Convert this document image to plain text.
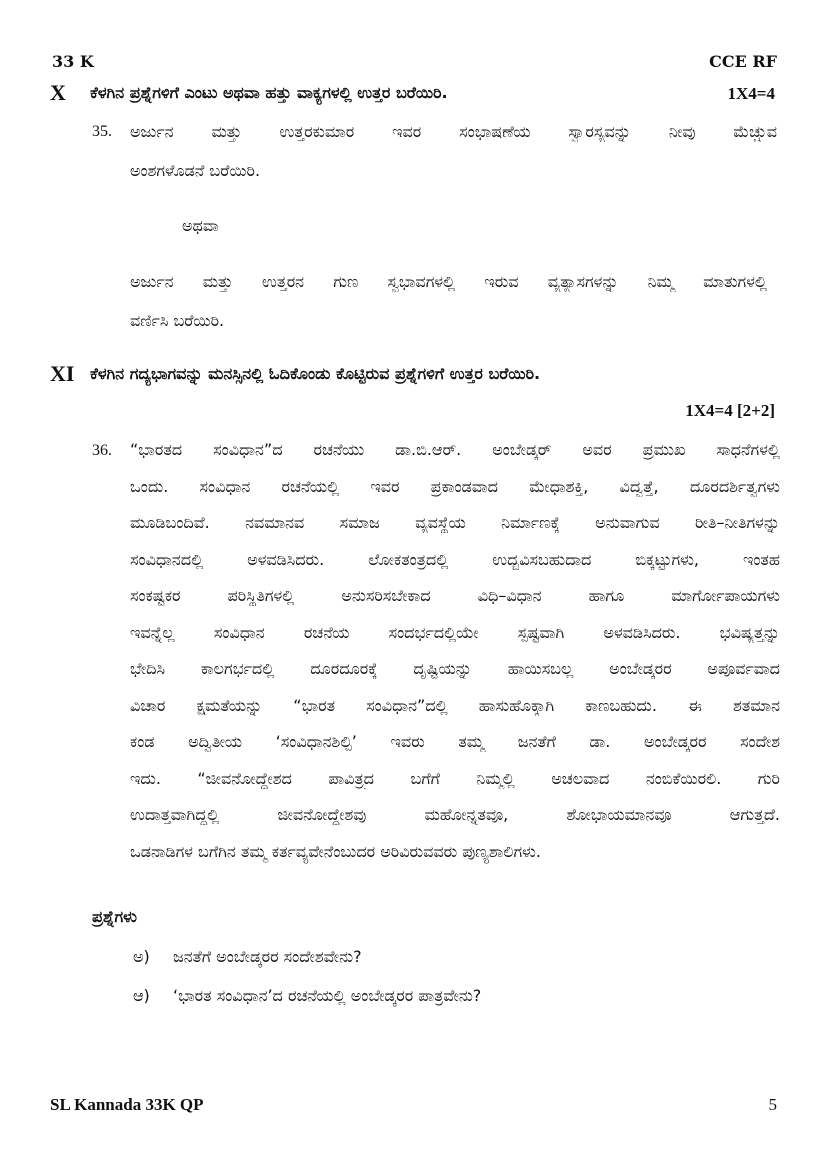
33 K	CCE RF
X ಕೆಳಗಿನ ಪ್ರಶ್ನೆಗಳಿಗೆ ಎಂಟು ಅಥವಾ ಹತ್ತು ವಾಕ್ಯಗಳಲ್ಲಿ ಉತ್ತರ ಬರೆಯಿರಿ.	1X4=4
35. ಅರ್ಜುನ ಮತ್ತು ಉತ್ತರಕುಮಾರ ಇವರ ಸಂಭಾಷಣೆಯ ಸ್ವಾರಸ್ಯವನ್ನು ನೀವು ಮೆಚ್ಚುವ
ಅಂಶಗಳೊಡನೆ ಬರೆಯಿರಿ.
ಅಥವಾ
ಅರ್ಜುನ ಮತ್ತು ಉತ್ತರನ ಗುಣ ಸ್ವಭಾವಗಳಲ್ಲಿ ಇರುವ ವ್ಯತ್ಯಾಸಗಳನ್ನು ನಿಮ್ಮ ಮಾತುಗಳಲ್ಲಿ
ವರ್ಣಿಸಿ ಬರೆಯಿರಿ.
XI ಕೆಳಗಿನ ಗದ್ಯಭಾಗವನ್ನು ಮನಸ್ಸಿನಲ್ಲಿ ಓದಿಕೊಂಡು ಕೊಟ್ಟಿರುವ ಪ್ರಶ್ನೆಗಳಿಗೆ ಉತ್ತರ ಬರೆಯಿರಿ.
1X4=4 [2+2]
36. “ಭಾರತದ ಸಂವಿಧಾನ”ದ ರಚನೆಯು ಡಾ.ಬಿ.ಆರ್. ಅಂಬೇಡ್ಕರ್ ಅವರ ಪ್ರಮುಖ ಸಾಧನೆಗಳಲ್ಲಿ
ಒಂದು. ಸಂವಿಧಾನ ರಚನೆಯಲ್ಲಿ ಇವರ ಪ್ರಕಾಂಡವಾದ ಮೇಧಾಶಕ್ತಿ, ವಿದ್ವತ್ತೆ, ದೂರದರ್ಶಿತ್ವಗಳು
ಮೂಡಿಬಂದಿವೆ. ನವಮಾನವ ಸಮಾಜ ವ್ಯವಸ್ಥೆಯ ನಿರ್ಮಾಣಕ್ಕೆ ಅನುವಾಗುವ ರೀತಿ–ನೀತಿಗಳನ್ನು
ಸಂವಿಧಾನದಲ್ಲಿ ಅಳವಡಿಸಿದರು. ಲೋಕತಂತ್ರದಲ್ಲಿ ಉದ್ಭವಿಸಬಹುದಾದ ಬಿಕ್ಕಟ್ಟುಗಳು, ಇಂತಹ
ಸಂಕಷ್ಟಕರ ಪರಿಸ್ಥಿತಿಗಳಲ್ಲಿ ಅನುಸರಿಸಬೇಕಾದ ವಿಧಿ–ವಿಧಾನ ಹಾಗೂ ಮಾರ್ಗೋಪಾಯಗಳು
ಇವನ್ನೆಲ್ಲ ಸಂವಿಧಾನ ರಚನೆಯ ಸಂದರ್ಭದಲ್ಲಿಯೇ ಸ್ಪಷ್ಟವಾಗಿ ಅಳವಡಿಸಿದರು. ಭವಿಷ್ಯತ್ತನ್ನು
ಭೇದಿಸಿ ಕಾಲಗರ್ಭದಲ್ಲಿ ದೂರದೂರಕ್ಕೆ ದೃಷ್ಟಿಯನ್ನು ಹಾಯಿಸಬಲ್ಲ ಅಂಬೇಡ್ಕರರ ಅಪೂರ್ವವಾದ
ವಿಚಾರ ಕ್ಷಮತೆಯನ್ನು “ಭಾರತ ಸಂವಿಧಾನ”ದಲ್ಲಿ ಹಾಸುಹೊಕ್ಕಾಗಿ ಕಾಣಬಹುದು. ಈ ಶತಮಾನ
ಕಂಡ ಅದ್ವಿತೀಯ ‘ಸಂವಿಧಾನಶಿಲ್ಪಿ’ ಇವರು ತಮ್ಮ ಜನತೆಗೆ ಡಾ. ಅಂಬೇಡ್ಕರರ ಸಂದೇಶ
ಇದು. “ಜೀವನೋದ್ದೇಶದ ಪಾವಿತ್ರ್ಯದ ಬಗೆಗೆ ನಿಮ್ಮಲ್ಲಿ ಅಚಲವಾದ ನಂಬಿಕೆಯಿರಲಿ. ಗುರಿ
ಉದಾತ್ತವಾಗಿದ್ದಲ್ಲಿ ಜೀವನೋದ್ದೇಶವು ಮಹೋನ್ನತವೂ, ಶೋಭಾಯಮಾನವೂ ಆಗುತ್ತದೆ.
ಒಡನಾಡಿಗಳ ಬಗೆಗಿನ ತಮ್ಮ ಕರ್ತವ್ಯವೇನೆಂಬುದರ ಅರಿವಿರುವವರು ಪುಣ್ಯಶಾಲಿಗಳು.
ಪ್ರಶ್ನೆಗಳು
ಅ) ಜನತೆಗೆ ಅಂಬೇಡ್ಕರರ ಸಂದೇಶವೇನು?
ಆ) ‘ಭಾರತ ಸಂವಿಧಾನ’ದ ರಚನೆಯಲ್ಲಿ ಅಂಬೇಡ್ಕರರ ಪಾತ್ರವೇನು?
SL Kannada 33K QP	5
